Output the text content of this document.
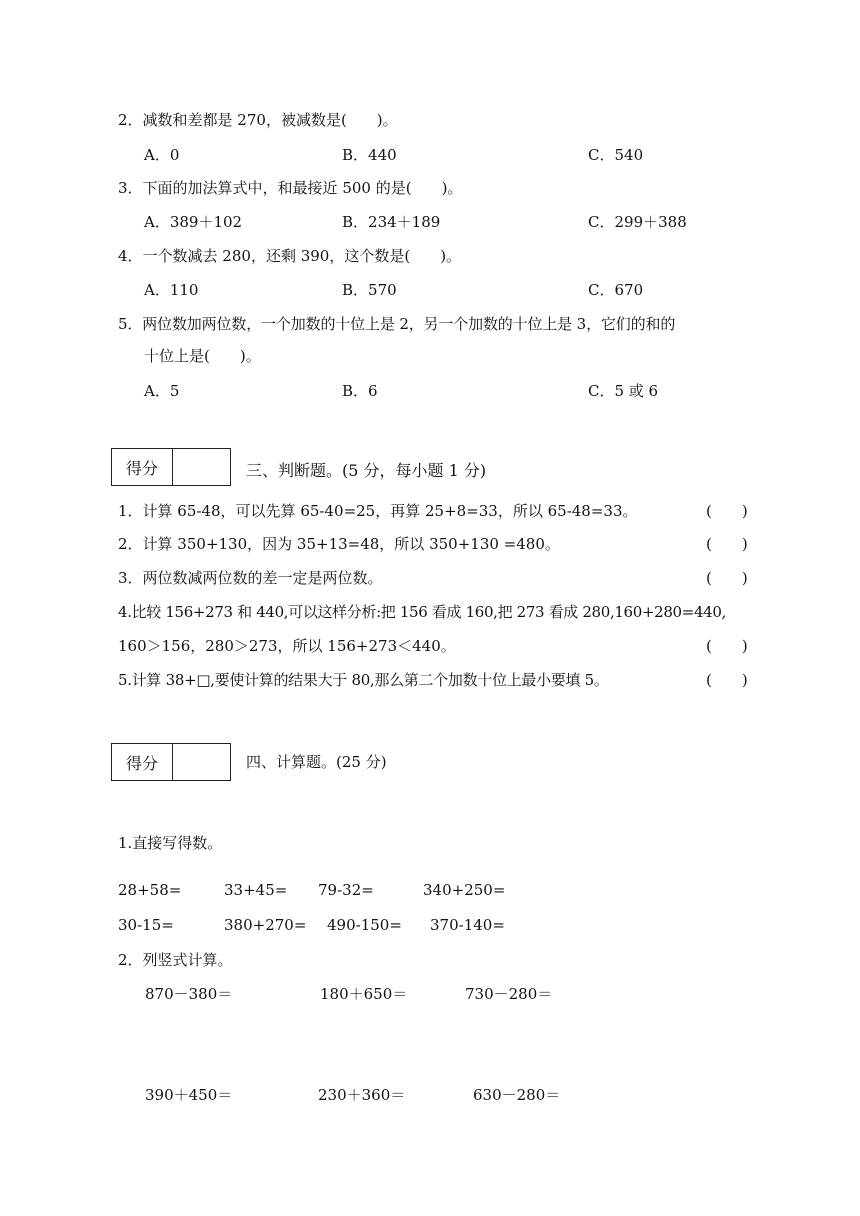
2．减数和差都是 270，被减数是(　　)。
A．0	B．440	C．540
3．下面的加法算式中，和最接近 500 的是(　　)。
A．389＋102	B．234＋189	C．299＋388
4．一个数减去 280，还剩 390，这个数是(　　)。
A．110	B．570	C．670
5．两位数加两位数，一个加数的十位上是 2，另一个加数的十位上是 3，它们的和的
十位上是(　　)。
A．5	B．6	C．5 或 6
得分	三、判断题。(5 分，每小题 1 分)
1．计算 65-48，可以先算 65-40=25，再算 25+8=33，所以 65-48=33。	(　　)
2．计算 350+130，因为 35+13=48，所以 350+130 =480。	(　　)
3．两位数减两位数的差一定是两位数。	(　　)
4.比较 156+273 和 440,可以这样分析:把 156 看成 160,把 273 看成 280,160+280=440,
160＞156，280＞273，所以 156+273＜440。	(　　)
5.计算 38+□,要使计算的结果大于 80,那么第二个加数十位上最小要填 5。	(　　)
得分	四、计算题。(25 分)
1.直接写得数。
28+58=	33+45= 79-32=	340+250=
30-15=	380+270= 490-150= 370-140=
2．列竖式计算。
870－380＝	180＋650＝	730－280＝
390＋450＝	230＋360＝	630－280＝
